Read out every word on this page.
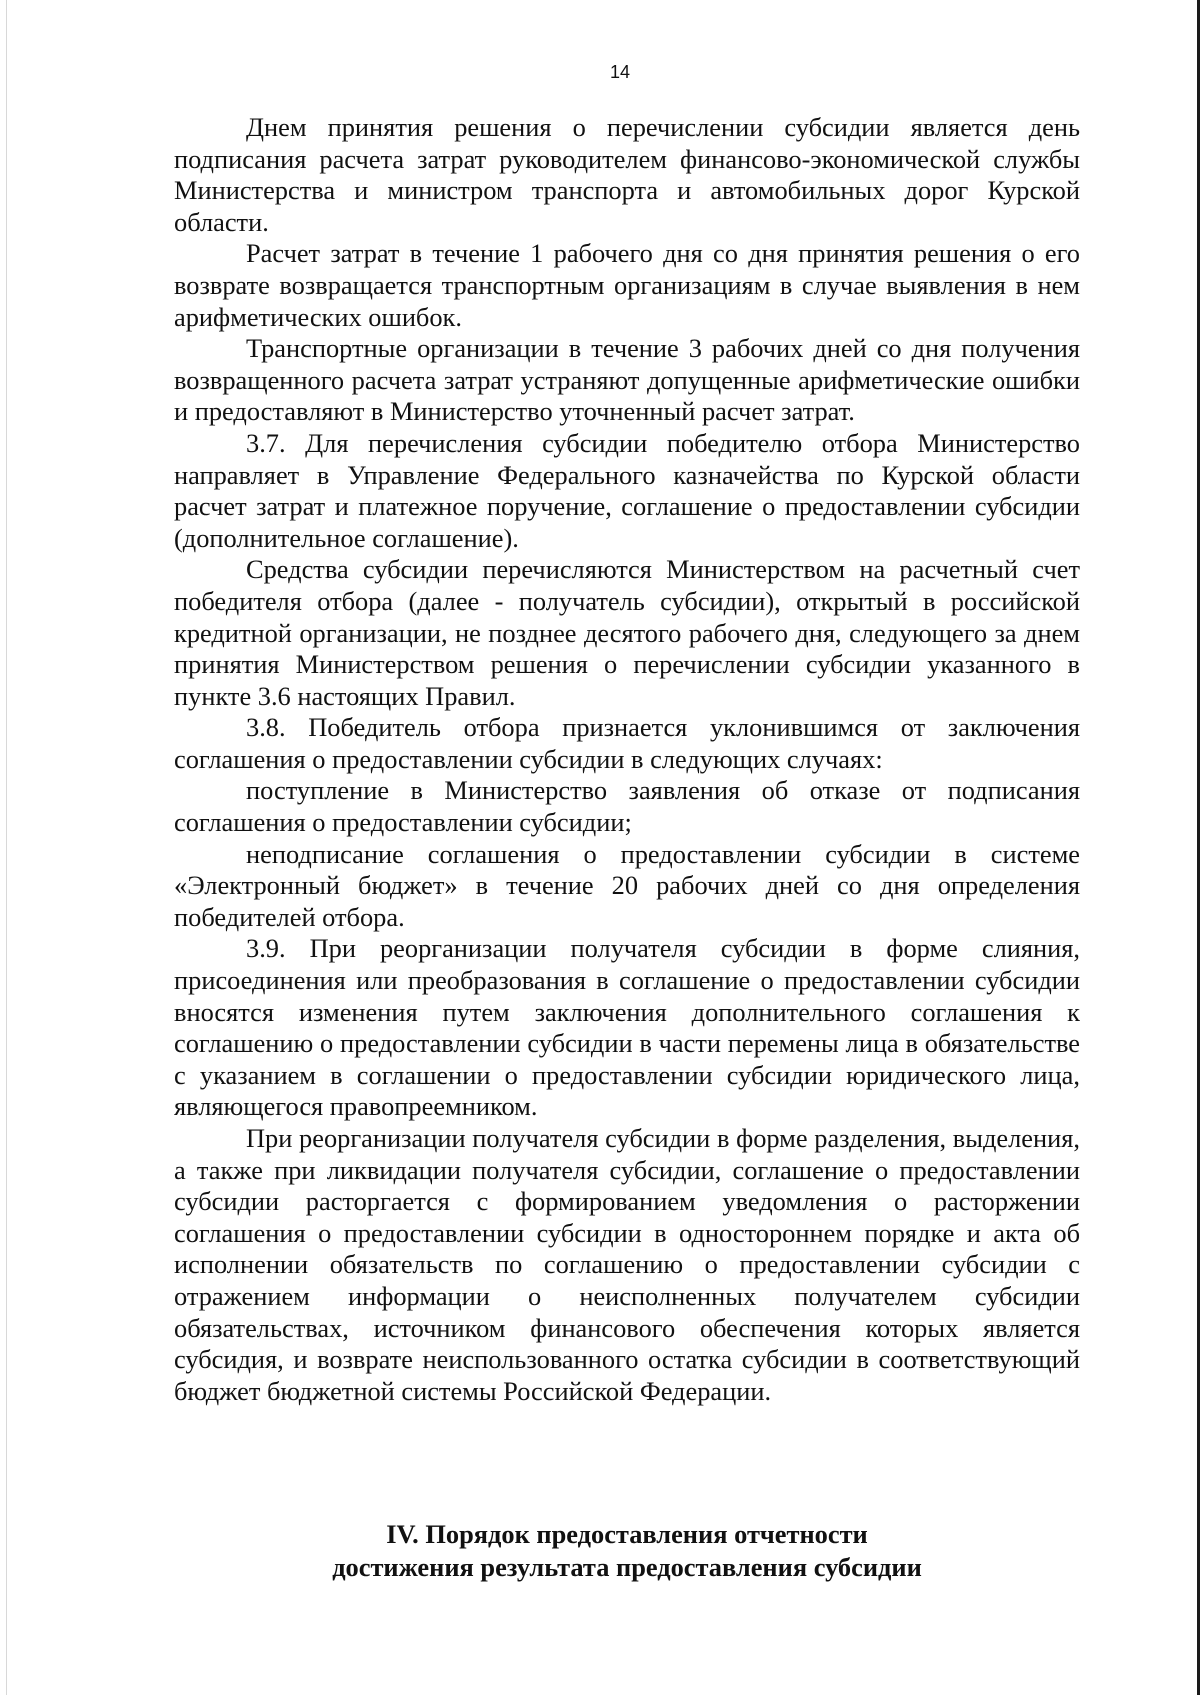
14

Днем принятия решения о перечислении субсидии является день подписания расчета затрат руководителем финансово-экономической службы Министерства и министром транспорта и автомобильных дорог Курской области.

Расчет затрат в течение 1 рабочего дня со дня принятия решения о его возврате возвращается транспортным организациям в случае выявления в нем арифметических ошибок.

Транспортные организации в течение 3 рабочих дней со дня получения возвращенного расчета затрат устраняют допущенные арифметические ошибки и предоставляют в Министерство уточненный расчет затрат.

3.7. Для перечисления субсидии победителю отбора Министерство направляет в Управление Федерального казначейства по Курской области расчет затрат и платежное поручение, соглашение о предоставлении субсидии (дополнительное соглашение).

Средства субсидии перечисляются Министерством на расчетный счет победителя отбора (далее - получатель субсидии), открытый в российской кредитной организации, не позднее десятого рабочего дня, следующего за днем принятия Министерством решения о перечислении субсидии указанного в пункте 3.6 настоящих Правил.

3.8. Победитель отбора признается уклонившимся от заключения соглашения о предоставлении субсидии в следующих случаях:

поступление в Министерство заявления об отказе от подписания соглашения о предоставлении субсидии;

неподписание соглашения о предоставлении субсидии в системе «Электронный бюджет» в течение 20 рабочих дней со дня определения победителей отбора.

3.9. При реорганизации получателя субсидии в форме слияния, присоединения или преобразования в соглашение о предоставлении субсидии вносятся изменения путем заключения дополнительного соглашения к соглашению о предоставлении субсидии в части перемены лица в обязательстве с указанием в соглашении о предоставлении субсидии юридического лица, являющегося правопреемником.

При реорганизации получателя субсидии в форме разделения, выделения, а также при ликвидации получателя субсидии, соглашение о предоставлении субсидии расторгается с формированием уведомления о расторжении соглашения о предоставлении субсидии в одностороннем порядке и акта об исполнении обязательств по соглашению о предоставлении субсидии с отражением информации о неисполненных получателем субсидии обязательствах, источником финансового обеспечения которых является субсидия, и возврате неиспользованного остатка субсидии в соответствующий бюджет бюджетной системы Российской Федерации.

IV. Порядок предоставления отчетности
достижения результата предоставления субсидии
